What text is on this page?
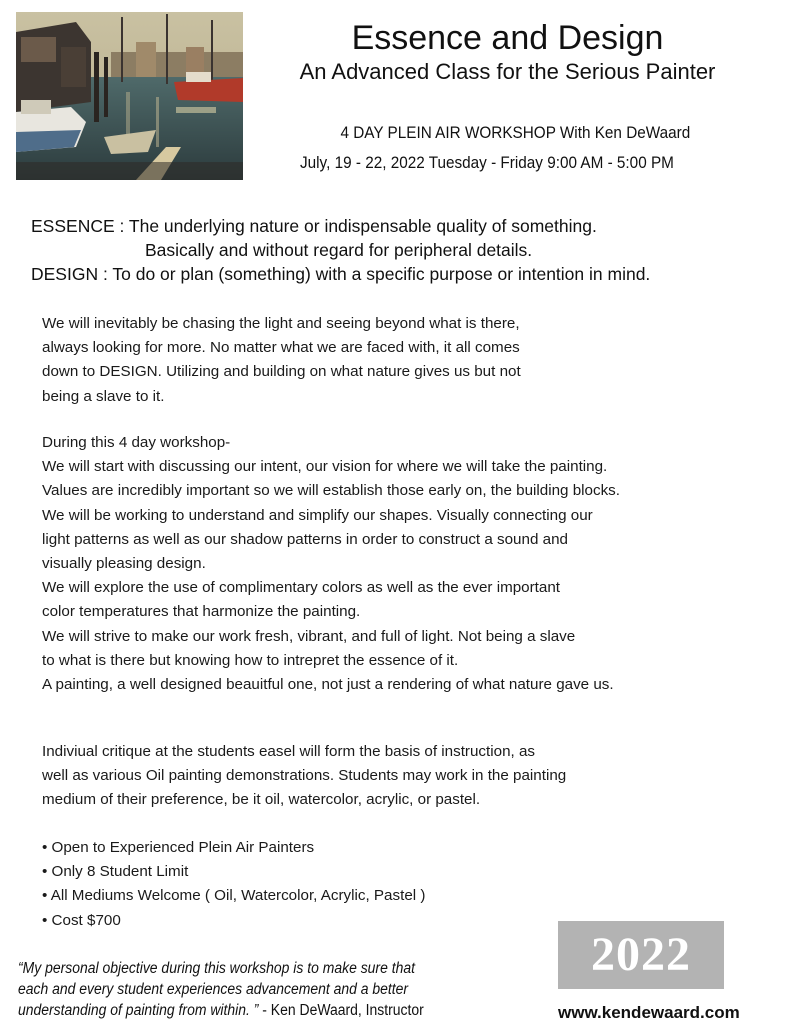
Essence and Design
An Advanced Class for the Serious Painter
4 DAY PLEIN AIR WORKSHOP With Ken DeWaard
July, 19 - 22, 2022 Tuesday - Friday 9:00 AM - 5:00 PM
ESSENCE : The underlying nature or indispensable quality of something.
Basically and without regard for peripheral details.
DESIGN : To do or plan (something) with a specific purpose or intention in mind.

We will inevitably be chasing the light and seeing beyond what is there,

always looking for more. No matter what we are faced with, it all comes

down to DESIGN. Utilizing and building on what nature gives us but not

being a slave to it.

During this 4 day workshop-

We will start with discussing our intent, our vision for where we will take the painting.

Values are incredibly important so we will establish those early on, the building blocks.

We will be working to understand and simplify our shapes. Visually connecting our

light patterns as well as our shadow patterns in order to construct a sound and

visually pleasing design.

We will explore the use of complimentary colors as well as the ever important

color temperatures that harmonize the painting.

We will strive to make our work fresh, vibrant, and full of light. Not being a slave

to what is there but knowing how to intrepret the essence of it.

A painting, a well designed beauitful one, not just a rendering of what nature gave us.

Indiviual critique at the students easel will form the basis of instruction, as

well as various Oil painting demonstrations. Students may work in the painting

medium of their preference, be it oil, watercolor, acrylic, or pastel.

• Open to Experienced Plein Air Painters
• Only 8 Student Limit
• All Mediums Welcome ( Oil, Watercolor, Acrylic, Pastel )
• Cost $700
“My personal objective during this workshop is to make sure that
each and every student experiences advancement and a better
understanding of painting from within. ” - Ken DeWaard, Instructor
2022
www.kendewaard.com
